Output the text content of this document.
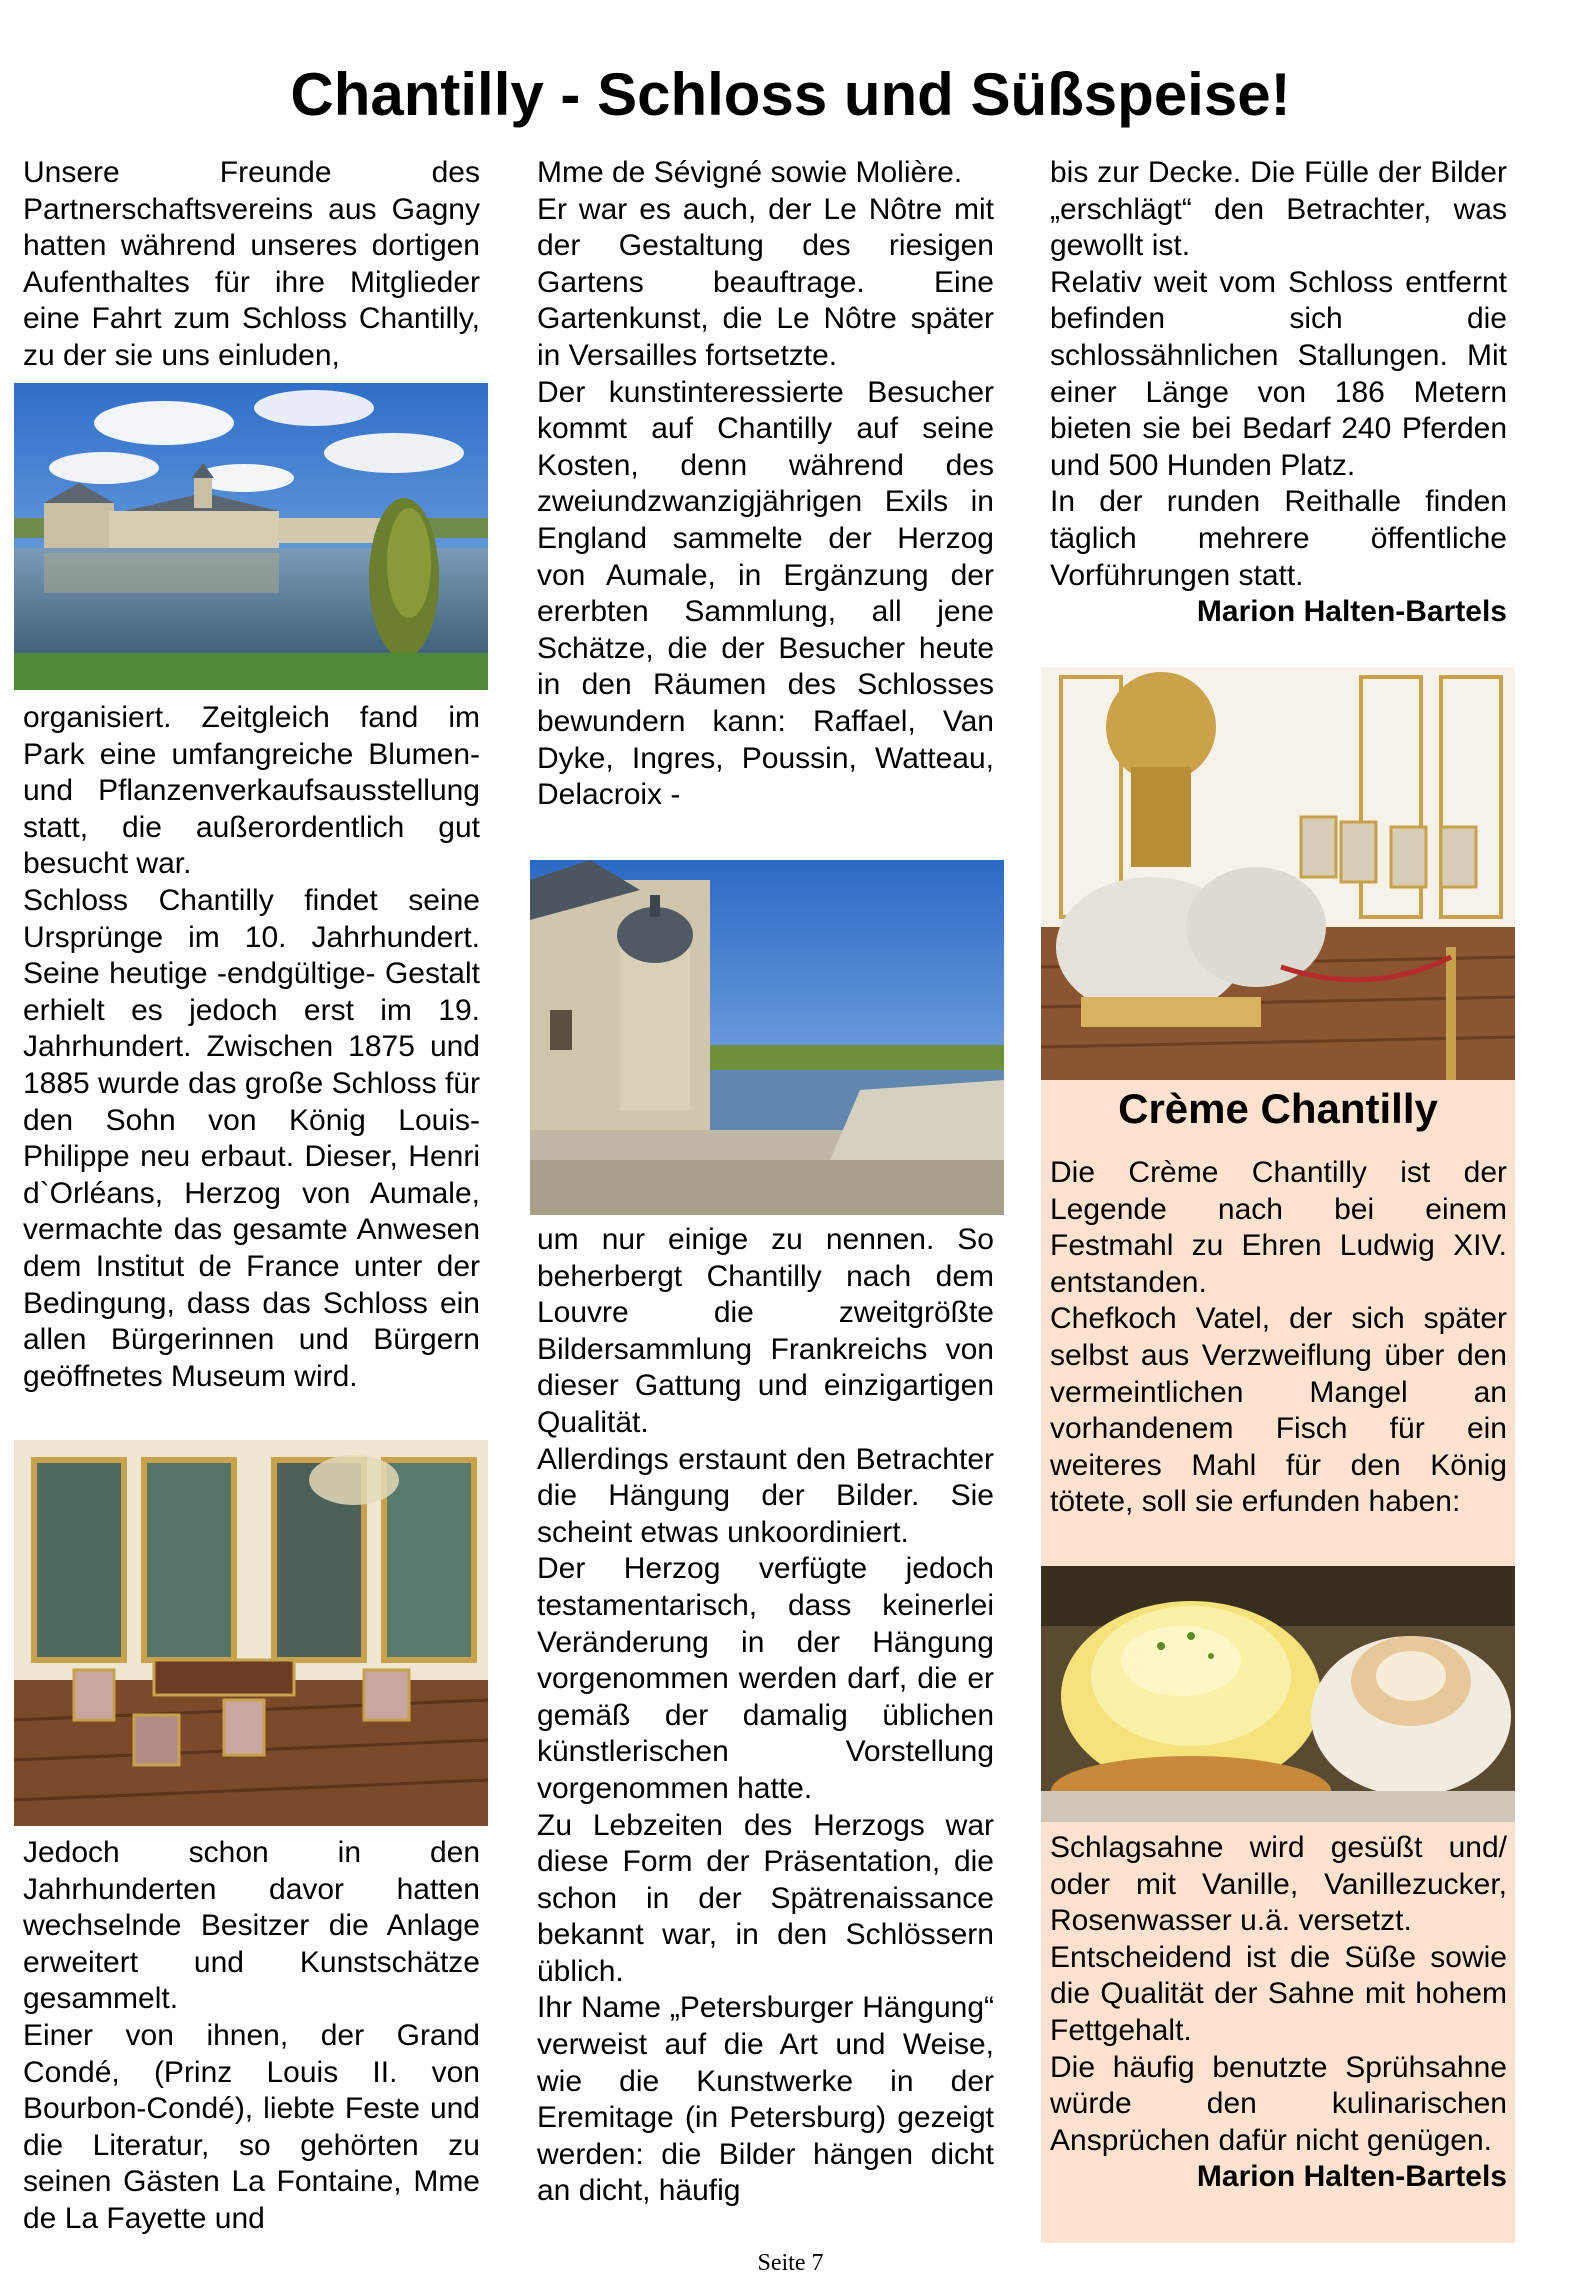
Chantilly - Schloss und Süßspeise!

Unsere Freunde des Partnerschaftsvereins aus Gagny hatten während unseres dortigen Aufenthaltes für ihre Mitglieder eine Fahrt zum Schloss Chantilly, zu der sie uns einluden,

organisiert. Zeitgleich fand im Park eine umfangreiche Blumen- und Pflanzenverkaufsausstellung statt, die außerordentlich gut besucht war.

Schloss Chantilly findet seine Ursprünge im 10. Jahrhundert. Seine heutige -endgültige- Gestalt erhielt es jedoch erst im 19. Jahrhundert. Zwischen 1875 und 1885 wurde das große Schloss für den Sohn von König Louis-Philippe neu erbaut. Dieser, Henri d`Orléans, Herzog von Aumale, vermachte das gesamte Anwesen dem Institut de France unter der Bedingung, dass das Schloss ein allen Bürgerinnen und Bürgern geöffnetes Museum wird.

Jedoch schon in den Jahrhunderten davor hatten wechselnde Besitzer die Anlage erweitert und Kunstschätze gesammelt.

Einer von ihnen, der Grand Condé, (Prinz Louis II. von Bourbon-Condé), liebte Feste und die Literatur, so gehörten zu seinen Gästen La Fontaine, Mme de La Fayette und

Mme de Sévigné sowie Molière.

Er war es auch, der Le Nôtre mit der Gestaltung des riesigen Gartens beauftrage. Eine Gartenkunst, die Le Nôtre später in Versailles fortsetzte.

Der kunstinteressierte Besucher kommt auf Chantilly auf seine Kosten, denn während des zweiundzwanzigjährigen Exils in England sammelte der Herzog von Aumale, in Ergänzung der ererbten Sammlung, all jene Schätze, die der Besucher heute in den Räumen des Schlosses bewundern kann: Raffael, Van Dyke, Ingres, Poussin, Watteau, Delacroix -

um nur einige zu nennen. So beherbergt Chantilly nach dem Louvre die zweitgrößte Bildersammlung Frankreichs von dieser Gattung und einzigartigen Qualität.

Allerdings erstaunt den Betrachter die Hängung der Bilder. Sie scheint etwas unkoordiniert.

Der Herzog verfügte jedoch testamentarisch, dass keinerlei Veränderung in der Hängung vorgenommen werden darf, die er gemäß der damalig üblichen künstlerischen Vorstellung vorgenommen hatte.

Zu Lebzeiten des Herzogs war diese Form der Präsentation, die schon in der Spätrenaissance bekannt war, in den Schlössern üblich.

Ihr Name „Petersburger Hängung“ verweist auf die Art und Weise, wie die Kunstwerke in der Eremitage (in Petersburg) gezeigt werden: die Bilder hängen dicht an dicht, häufig

bis zur Decke. Die Fülle der Bilder „erschlägt“ den Betrachter, was gewollt ist.

Relativ weit vom Schloss entfernt befinden sich die schlossähnlichen Stallungen. Mit einer Länge von 186 Metern bieten sie bei Bedarf 240 Pferden und 500 Hunden Platz.

In der runden Reithalle finden täglich mehrere öffentliche Vorführungen statt.

Marion Halten-Bartels

Crème Chantilly

Die Crème Chantilly ist der Legende nach bei einem Festmahl zu Ehren Ludwig XIV. entstanden.

Chefkoch Vatel, der sich später selbst aus Verzweiflung über den vermeintlichen Mangel an vorhandenem Fisch für ein weiteres Mahl für den König tötete, soll sie erfunden haben:

Schlagsahne wird gesüßt und/ oder mit Vanille, Vanillezucker, Rosenwasser u.ä. versetzt.

Entscheidend ist die Süße sowie die Qualität der Sahne mit hohem Fettgehalt.

Die häufig benutzte Sprühsahne würde den kulinarischen Ansprüchen dafür nicht genügen.

Marion Halten-Bartels

Seite 7
